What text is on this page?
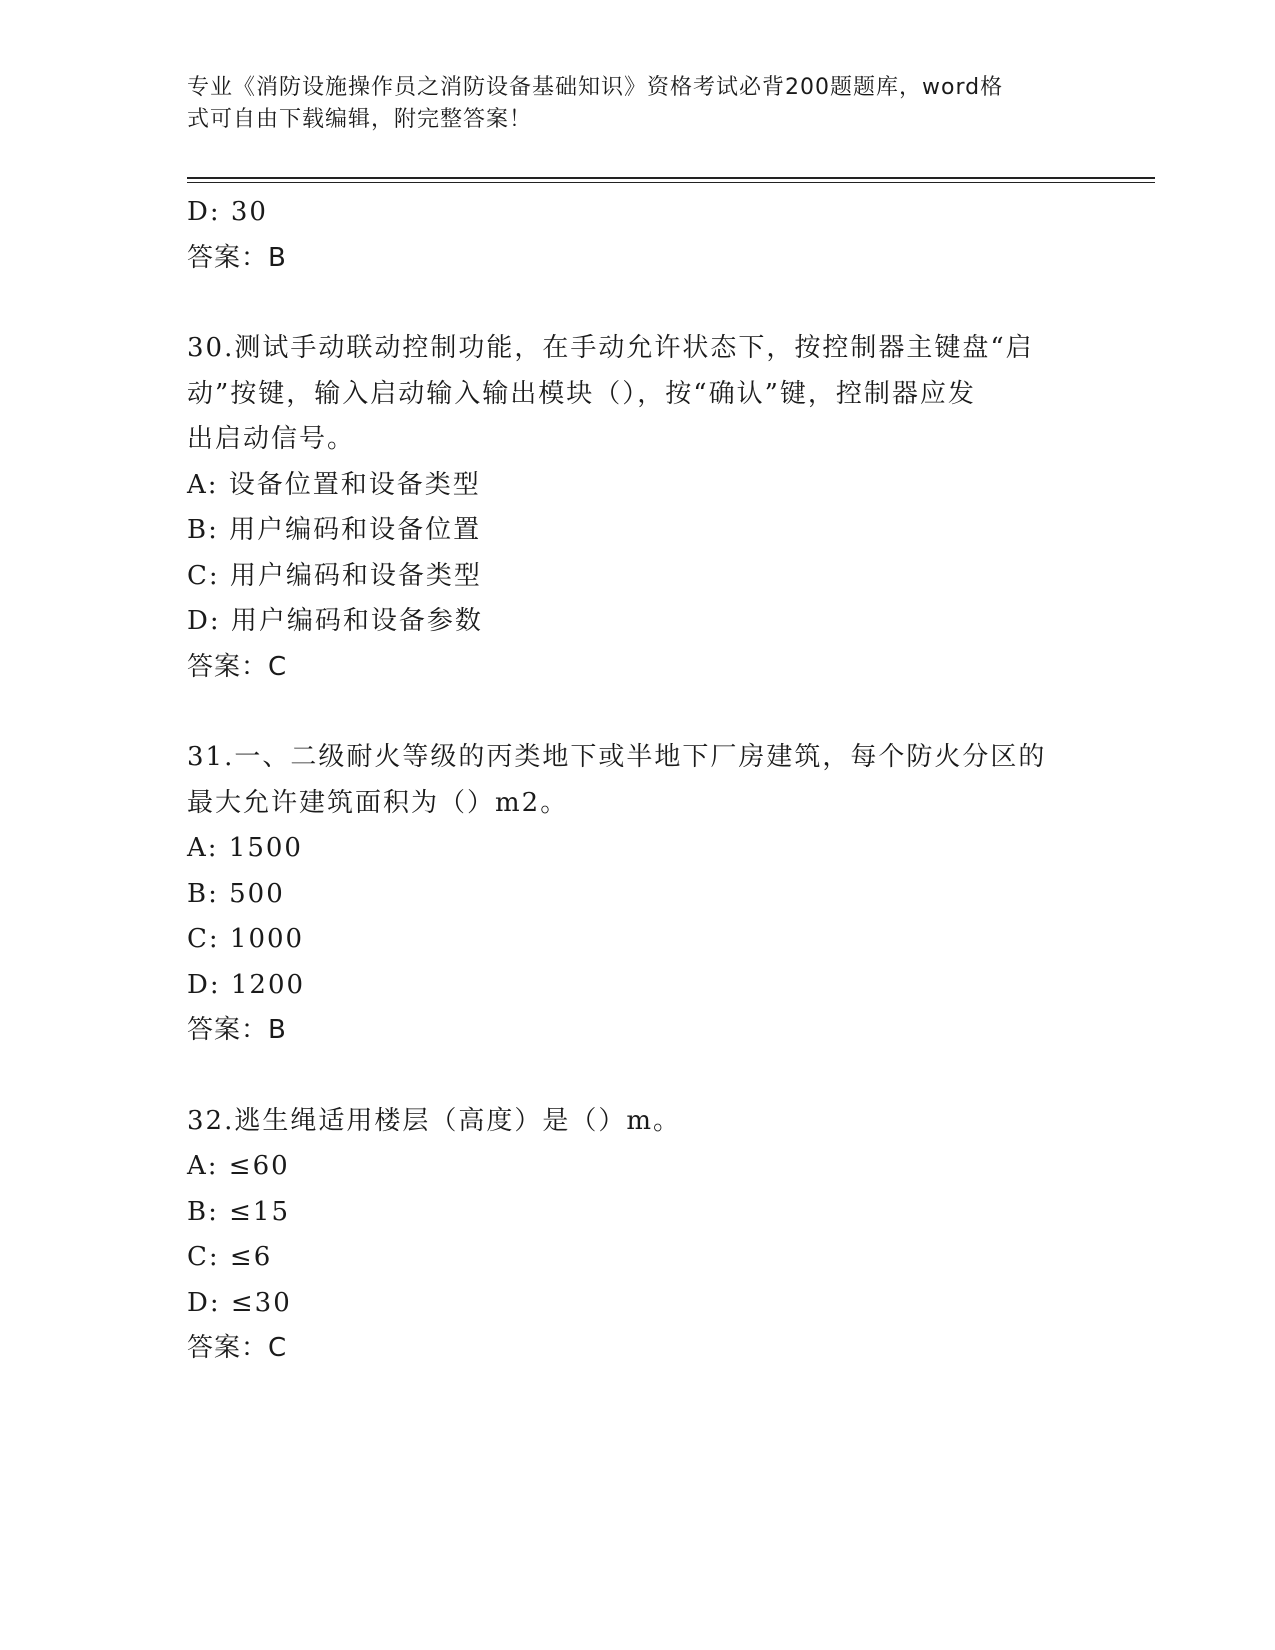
专业《消防设施操作员之消防设备基础知识》资格考试必背200题题库，word格
式可自由下载编辑，附完整答案！
D: 30
答案：B
30.测试手动联动控制功能，在手动允许状态下，按控制器主键盘“启
动”按键，输入启动输入输出模块（），按“确认”键，控制器应发
出启动信号。
A: 设备位置和设备类型
B: 用户编码和设备位置
C: 用户编码和设备类型
D: 用户编码和设备参数
答案：C
31.一、二级耐火等级的丙类地下或半地下厂房建筑，每个防火分区的
最大允许建筑面积为（）m2。
A: 1500
B: 500
C: 1000
D: 1200
答案：B
32.逃生绳适用楼层（高度）是（）m。
A: ≤60
B: ≤15
C: ≤6
D: ≤30
答案：C
